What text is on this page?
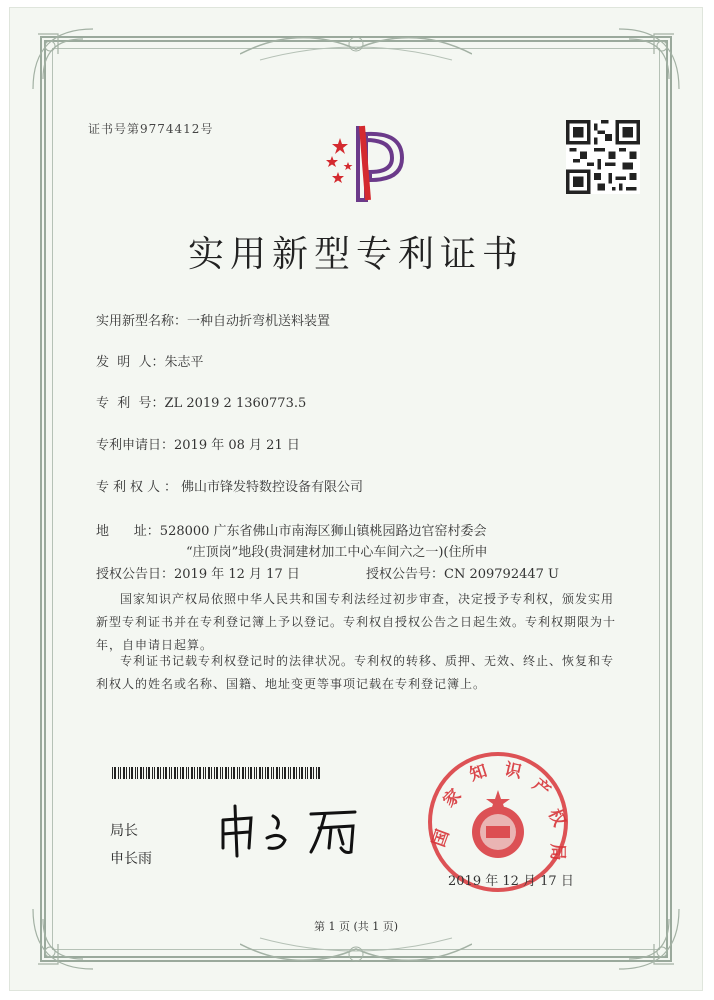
证书号第9774412号
实用新型专利证书
实用新型名称：一种自动折弯机送料装置
发  明  人：朱志平
专  利  号：ZL 2019 2 1360773.5
专利申请日：2019 年 08 月 21 日
专利权人：佛山市锋发特数控设备有限公司
地      址：528000 广东省佛山市南海区狮山镇桃园路边官窑村委会
“庄顶岗”地段(贵洞建材加工中心车间六之一)(住所申
授权公告日：2019 年 12 月 17 日	授权公告号：CN 209792447 U
国家知识产权局依照中华人民共和国专利法经过初步审查，决定授予专利权，颁发实用新型专利证书并在专利登记簿上予以登记。专利权自授权公告之日起生效。专利权期限为十年，自申请日起算。
专利证书记载专利权登记时的法律状况。专利权的转移、质押、无效、终止、恢复和专利权人的姓名或名称、国籍、地址变更等事项记载在专利登记簿上。
局长
申长雨
国
家
知 识
产
权
局
2019 年 12 月 17 日
第 1 页 (共 1 页)
